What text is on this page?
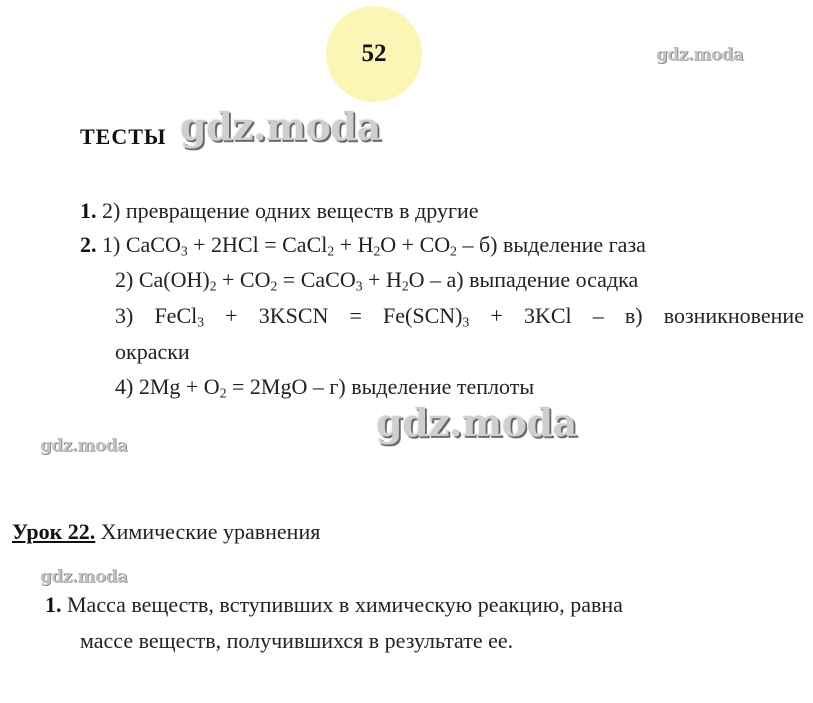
52	gdz.moda
ТЕСТЫ gdz.moda
1. 2) превращение одних веществ в другие
2. 1) CaCO$_3$ + 2HCl = CaCl$_2$ + $H_2O + CO_2 - б$) выделение газа
2) $Ca(OH)_2 + CO_2$ = CaCO$_3$ + $H_2O - а$) выпадение осадка
3) FeCl$_3$ + 3KSCN = $Fe(SCN)_3 + 3KCl - в$) возникновение
окраски
4) $2Mg + O_2 = 2MgO - г$) выделение теплоты
gdz.moda
gdz.moda
Урок 22. Химические уравнения
gdz.moda
1. Масса веществ, вступивших в химическую реакцию, равна
массе веществ, получившихся в результате ее.
